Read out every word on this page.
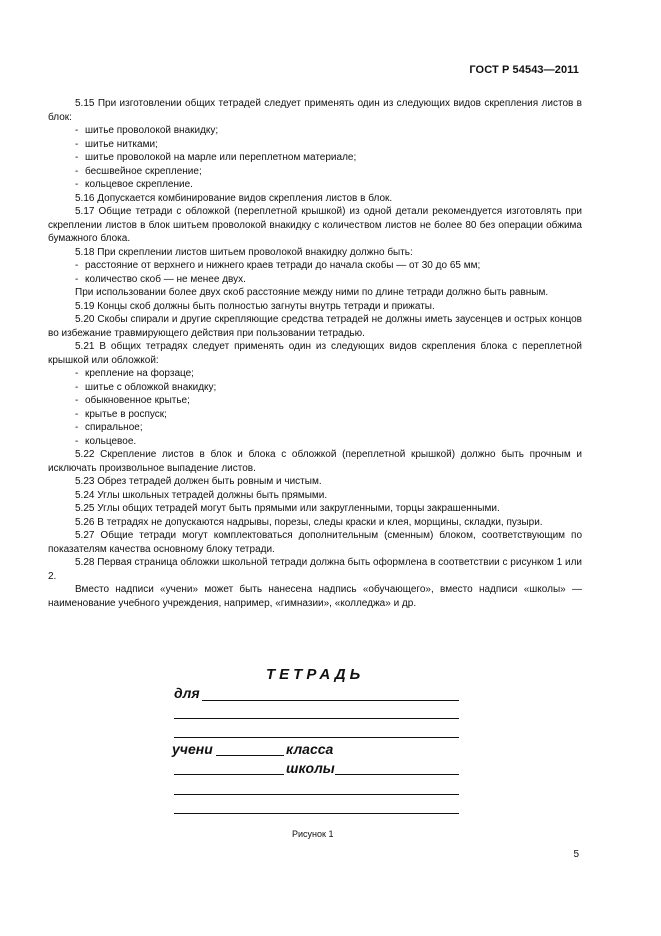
ГОСТ Р 54543—2011

5.15 При изготовлении общих тетрадей следует применять один из следующих видов скрепления листов в блок:

- шитье проволокой внакидку;

- шитье нитками;

- шитье проволокой на марле или переплетном материале;

- бесшвейное скрепление;

- кольцевое скрепление.

5.16 Допускается комбинирование видов скрепления листов в блок.

5.17 Общие тетради с обложкой (переплетной крышкой) из одной детали рекомендуется изготовлять при скреплении листов в блок шитьем проволокой внакидку с количеством листов не более 80 без операции обжима бумажного блока.

5.18 При скреплении листов шитьем проволокой внакидку должно быть:

- расстояние от верхнего и нижнего краев тетради до начала скобы — от 30 до 65 мм;

- количество скоб — не менее двух.

При использовании более двух скоб расстояние между ними по длине тетради должно быть равным.

5.19 Концы скоб должны быть полностью загнуты внутрь тетради и прижаты.

5.20 Скобы спирали и другие скрепляющие средства тетрадей не должны иметь заусенцев и острых концов во избежание травмирующего действия при пользовании тетрадью.

5.21 В общих тетрадях следует применять один из следующих видов скрепления блока с переплетной крышкой или обложкой:

- крепление на форзаце;

- шитье с обложкой внакидку;

- обыкновенное крытье;

- крытье в роспуск;

- спиральное;

- кольцевое.

5.22 Скрепление листов в блок и блока с обложкой (переплетной крышкой) должно быть прочным и исключать произвольное выпадение листов.

5.23 Обрез тетрадей должен быть ровным и чистым.

5.24 Углы школьных тетрадей должны быть прямыми.

5.25 Углы общих тетрадей могут быть прямыми или закругленными, торцы закрашенными.

5.26 В тетрадях не допускаются надрывы, порезы, следы краски и клея, морщины, складки, пузыри.

5.27 Общие тетради могут комплектоваться дополнительным (сменным) блоком, соответствующим по показателям качества основному блоку тетради.

5.28 Первая страница обложки школьной тетради должна быть оформлена в соответствии с рисунком 1 или 2.

Вместо надписи «учени» может быть нанесена надпись «обучающего», вместо надписи «школы» — наименование учебного учреждения, например, «гимназии», «колледжа» и др.

ТЕТРАДЬ
для
учени	класса
школы
Рисунок 1
5
